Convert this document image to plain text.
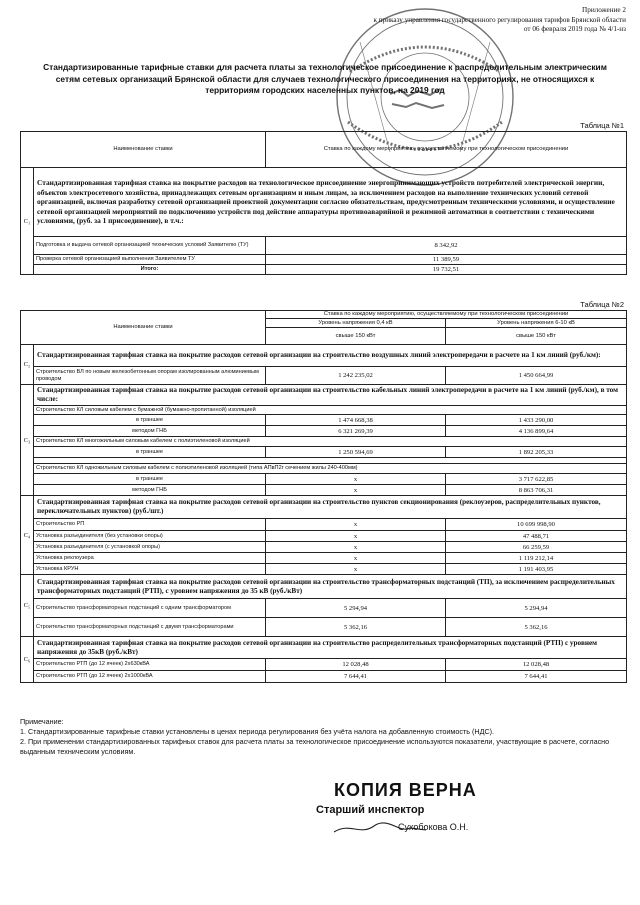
Приложение 2
к приказу управления государственного регулирования тарифов Брянской области
от 06 февраля 2019 года № 4/1-нз
Стандартизированные тарифные ставки для расчета платы за технологическое присоединение к распределительным электрическим сетям сетевых организаций Брянской области для случаев технологического присоединения на территориях, не относящихся к территориям городских населенных пунктов, на 2019 год
Таблица №1
Наименование ставки		Ставка по каждому мероприятию, осуществляемому при технологическом присоединении
C₁	Стандартизированная тарифная ставка на покрытие расходов на технологическое присоединение энергопринимающих устройств потребителей электрической энергии, объектов электросетевого хозяйства, принадлежащих сетевым организациям и иным лицам, за исключением расходов на выполнение технических условий сетевой организацией, включая разработку сетевой организацией проектной документации согласно обязательствам, предусмотренным техническими условиями, и осуществление сетевой организацией мероприятий по подключению устройств под действие аппаратуры противоаварийной и режимной автоматики в соответствии с техническими условиями, (руб. за 1 присоединение), в т.ч.:	
	Подготовка и выдача сетевой организацией технических условий Заявителю (ТУ)	8 342,92
	Проверка сетевой организацией выполнения Заявителем ТУ	11 389,59
	Итого:	19 732,51
Таблица №2
Наименование ставки		Ставка по каждому мероприятию, осуществляемому при технологическом присоединении	
		Уровень напряжения 0,4 кВ	Уровень напряжения 6-10 кВ
		свыше 150 кВт	свыше 150 кВт
C₂	Стандартизированная тарифная ставка на покрытие расходов сетевой организации на строительство воздушных линий электропередачи в расчете на 1 км линий (руб./км):		
	Строительство ВЛ по новым железобетонным опорам изолированным алюминиевым проводом	1 242 235,02	1 450 664,99
C₃	Стандартизированная тарифная ставка на покрытие расходов сетевой организации на строительство кабельных линий электропередачи в расчете на 1 км линий (руб./км), в том числе:		
	Строительство КЛ силовым кабелем с бумажной (бумажно-пропитанной) изоляцией		
	в траншее	1 474 668,38	1 433 290,00
	методом ГНБ	6 321 269,39	4 136 899,64
	Строительство КЛ многожильным силовым кабелем с полиэтиленовой изоляцией		
	в траншее	1 250 594,69	1 892 205,33

	Строительство КЛ одножильным силовым кабелем с полиэтиленовой изоляцией (типа АПвП2г сечением жилы 240-400мм)		
	в траншее	x	3 717 622,85
	методом ГНБ	x	8 863 706,31
C₄	Стандартизированная тарифная ставка на покрытие расходов сетевой организации на строительство пунктов секционирования (реклоузеров, распределительных пунктов, переключательных пунктов) (руб./шт.)		
	Строительство РП	x	10 699 998,90
	Установка разъединителя (без установки опоры)	x	47 488,71
	Установка разъединителя (с установкой опоры)	x	66 259,59
	Установка реклоузера	x	1 119 212,14
	Установка КРУН	x	1 191 403,95
C₅	Стандартизированная тарифная ставка на покрытие расходов сетевой организации на строительство трансформаторных подстанций (ТП), за исключением распределительных трансформаторных подстанций (РТП), с уровнем напряжения до 35 кВ (руб./кВт)		
	Строительство трансформаторных подстанций с одним трансформатором	5 294,94	5 294,94
	Строительство трансформаторных подстанций с двумя трансформаторами	5 362,16	5 362,16
C₆	Стандартизированная тарифная ставка на покрытие расходов сетевой организации на строительство распределительных трансформаторных подстанций (РТП) с уровнем напряжения до 35кВ (руб./кВт)		
	Строительство РТП (до 12 ячеек) 2х630кВА	12 028,48	12 028,48
	Строительство РТП (до 12 ячеек) 2х1000кВА	7 644,41	7 644,41
Примечание:
1. Стандартизированные тарифные ставки установлены в ценах периода регулирования без учёта налога на добавленную стоимость (НДС).
2. При применении стандартизированных тарифных ставок для расчета платы за технологическое присоединение используются показатели, участвующие в расчете, согласно выданным техническим условиям.
КОПИЯ ВЕРНА
Старший инспектор
Сухобокова О.Н.
